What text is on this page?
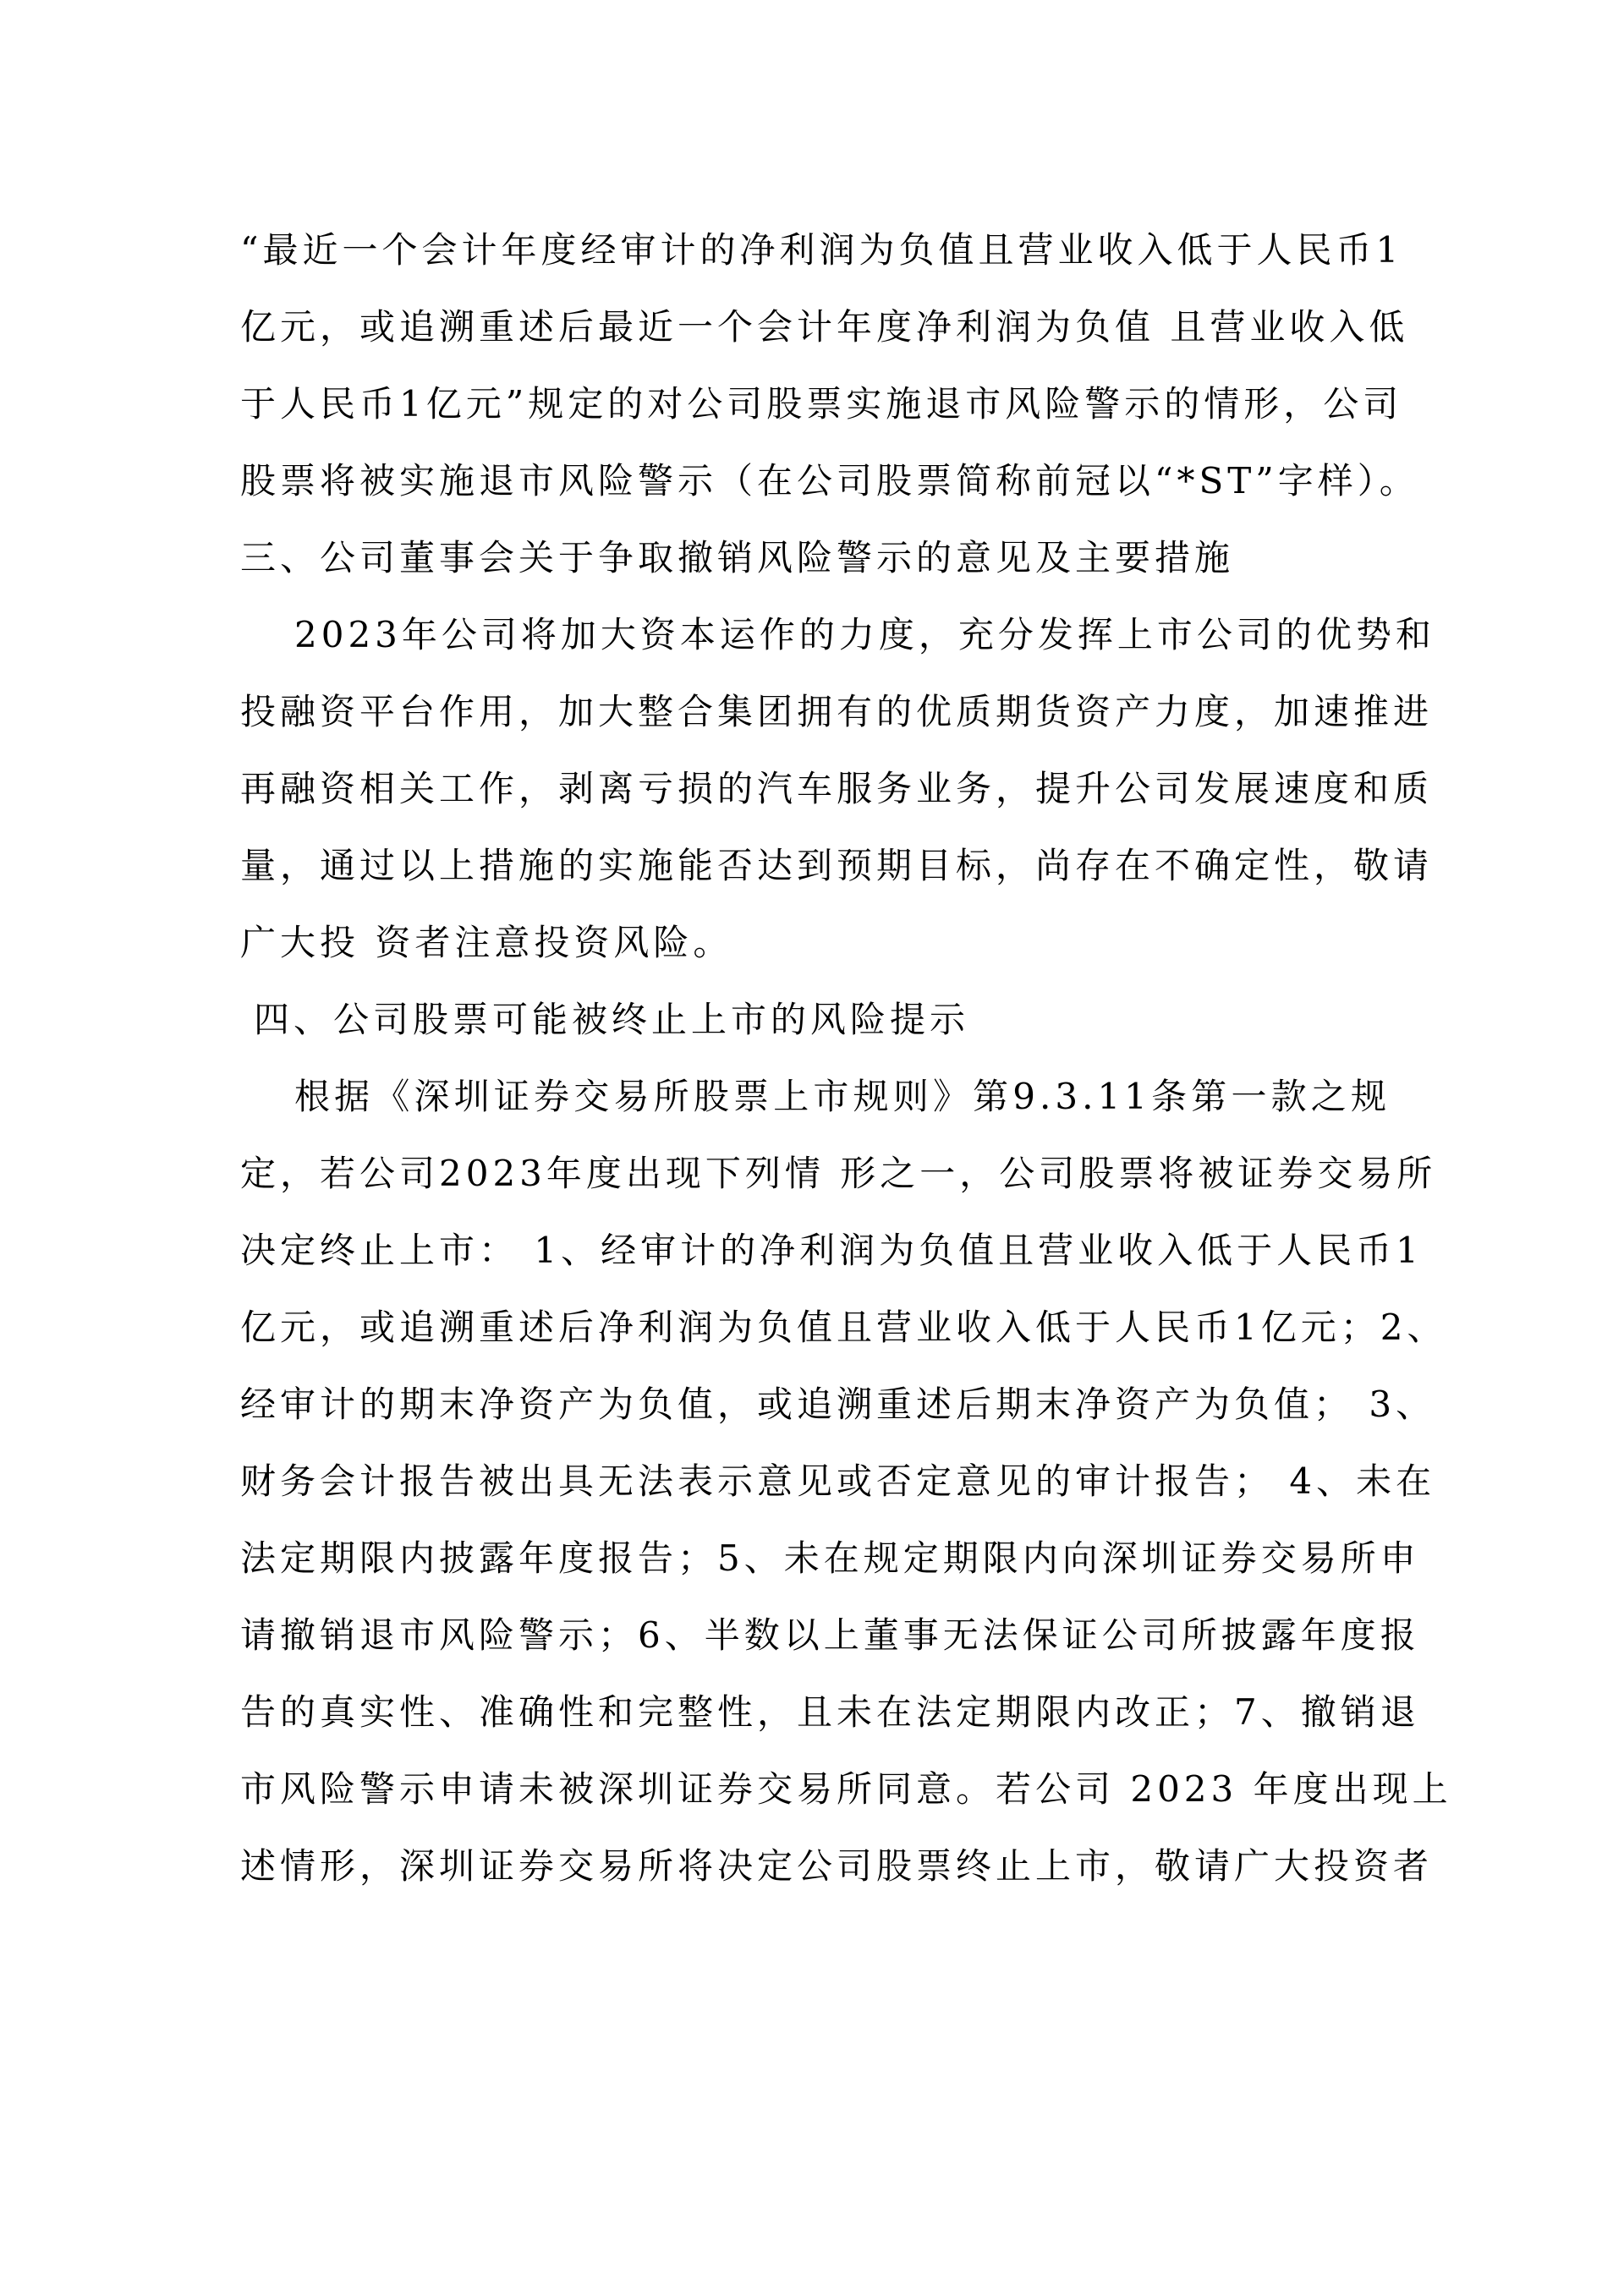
“最近一个会计年度经审计的净利润为负值且营业收入低于人民币1
亿元，或追溯重述后最近一个会计年度净利润为负值 且营业收入低
于人民币1亿元”规定的对公司股票实施退市风险警示的情形，公司
股票将被实施退市风险警示（在公司股票简称前冠以“*ST”字样）。
三、公司董事会关于争取撤销风险警示的意见及主要措施
2023年公司将加大资本运作的力度，充分发挥上市公司的优势和
投融资平台作用，加大整合集团拥有的优质期货资产力度，加速推进
再融资相关工作，剥离亏损的汽车服务业务，提升公司发展速度和质
量，通过以上措施的实施能否达到预期目标，尚存在不确定性，敬请
广大投 资者注意投资风险。
四、公司股票可能被终止上市的风险提示
根据《深圳证券交易所股票上市规则》第9.3.11条第一款之规
定，若公司2023年度出现下列情 形之一，公司股票将被证券交易所
决定终止上市： 1、经审计的净利润为负值且营业收入低于人民币1
亿元，或追溯重述后净利润为负值且营业收入低于人民币1亿元；2、
经审计的期末净资产为负值，或追溯重述后期末净资产为负值； 3、
财务会计报告被出具无法表示意见或否定意见的审计报告； 4、未在
法定期限内披露年度报告；5、未在规定期限内向深圳证券交易所申
请撤销退市风险警示；6、半数以上董事无法保证公司所披露年度报
告的真实性、准确性和完整性，且未在法定期限内改正；7、撤销退
市风险警示申请未被深圳证券交易所同意。若公司 2023 年度出现上
述情形，深圳证券交易所将决定公司股票终止上市，敬请广大投资者
